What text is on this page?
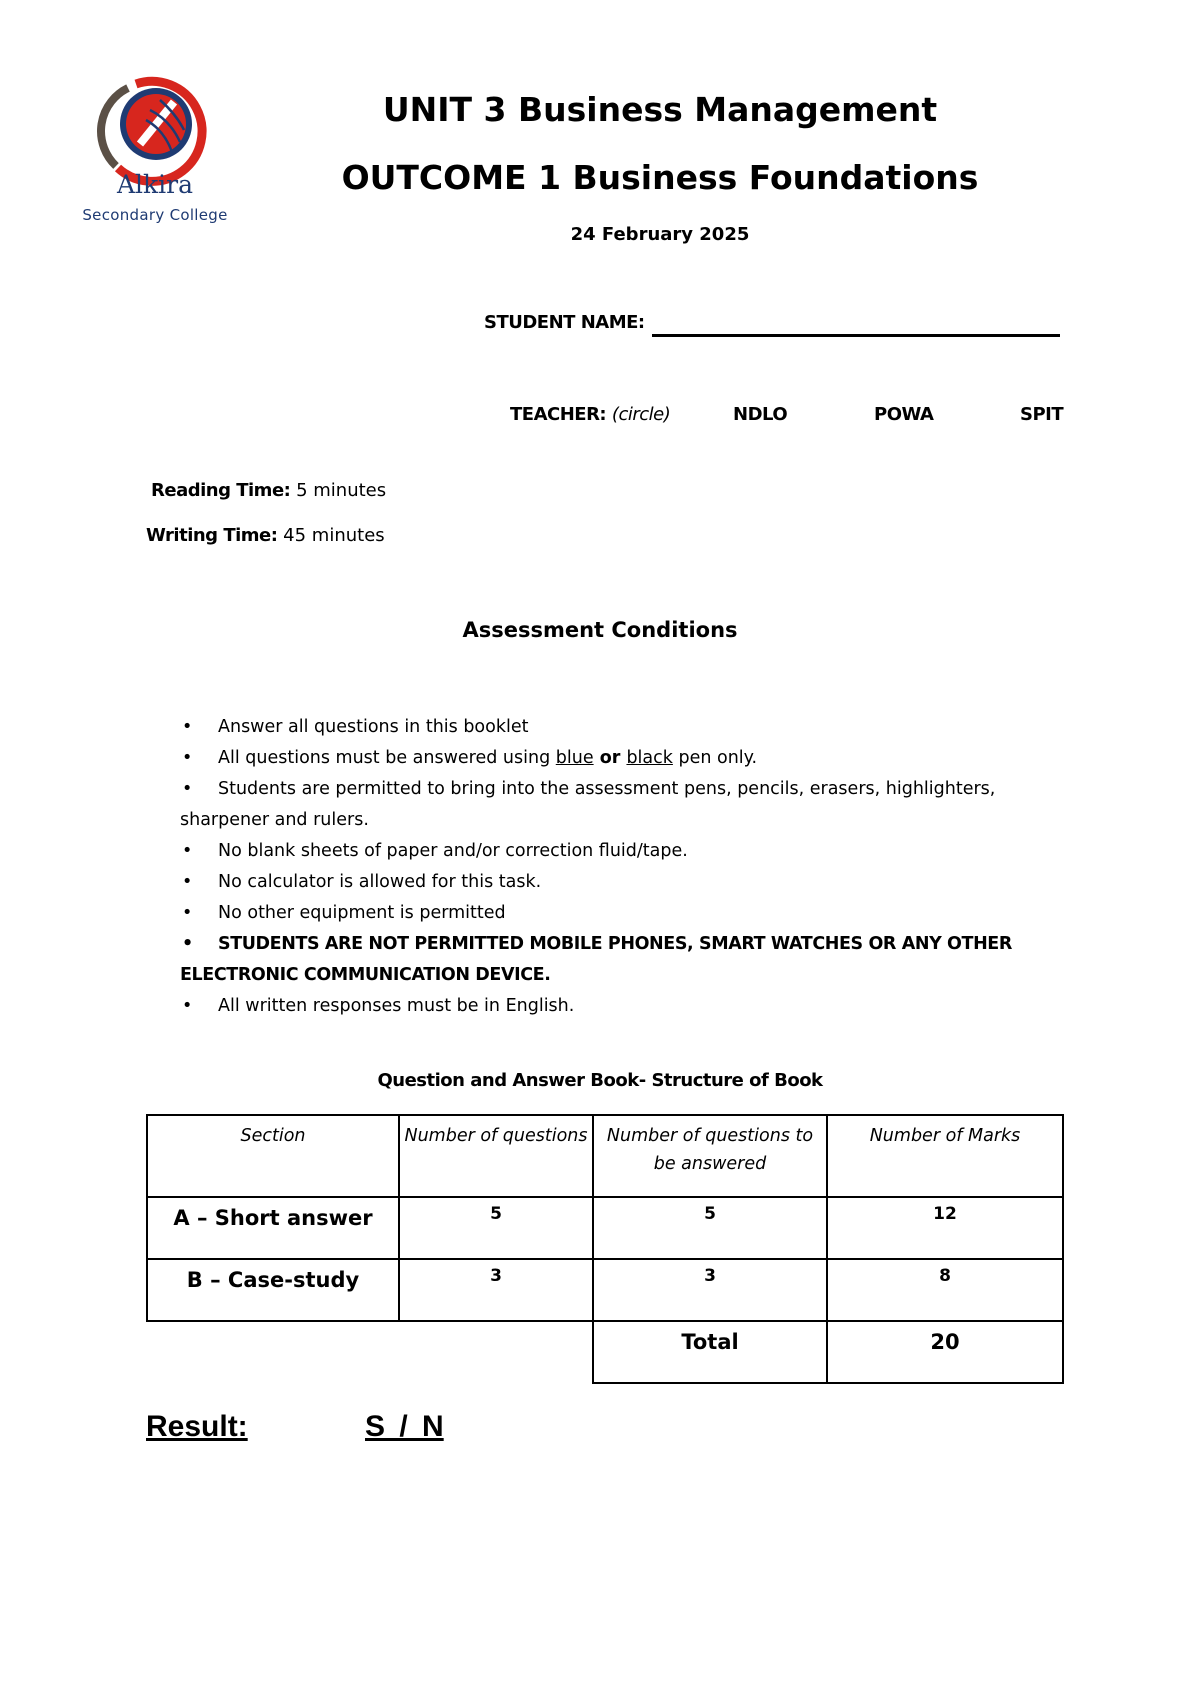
Alkira
Secondary College
UNIT 3 Business Management
OUTCOME 1 Business Foundations
24 February 2025
STUDENT NAME:
TEACHER: (circle)	NDLO	POWA	SPIT
Reading Time: 5 minutes
Writing Time: 45 minutes
Assessment Conditions
• Answer all questions in this booklet
• All questions must be answered using blue or black pen only.
• Students are permitted to bring into the assessment pens, pencils, erasers, highlighters,
sharpener and rulers.
• No blank sheets of paper and/or correction fluid/tape.
• No calculator is allowed for this task.
• No other equipment is permitted
• STUDENTS ARE NOT PERMITTED MOBILE PHONES, SMART WATCHES OR ANY OTHER
ELECTRONIC COMMUNICATION DEVICE.
• All written responses must be in English.
Question and Answer Book- Structure of Book
Section	Number of questions	Number of questions to be answered	Number of Marks
A – Short answer	5	5	12
B – Case-study	3	3	8
		Total	20
Result:	S / N
